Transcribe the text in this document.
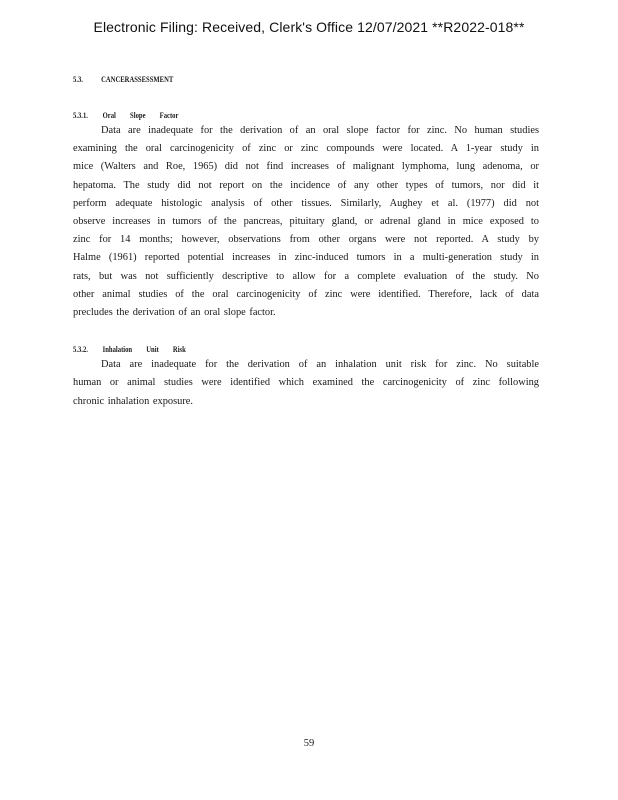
Electronic Filing: Received, Clerk's Office 12/07/2021 **R2022-018**
5.3.	CANCERASSESSMENT
5.3.1.	Oral Slope Factor
Data are inadequate for the derivation of an oral slope factor for zinc. No human studies
examining the oral carcinogenicity of zinc or zinc compounds were located. A 1-year study in
mice (Walters and Roe, 1965) did not find increases of malignant lymphoma, lung adenoma, or
hepatoma. The study did not report on the incidence of any other types of tumors, nor did it
perform adequate histologic analysis of other tissues. Similarly, Aughey et al. (1977) did not
observe increases in tumors of the pancreas, pituitary gland, or adrenal gland in mice exposed to
zinc for 14 months; however, observations from other organs were not reported. A study by
Halme (1961) reported potential increases in zinc-induced tumors in a multi-generation study in
rats, but was not sufficiently descriptive to allow for a complete evaluation of the study. No
other animal studies of the oral carcinogenicity of zinc were identified. Therefore, lack of data
precludes the derivation of an oral slope factor.
5.3.2.	Inhalation Unit Risk
Data are inadequate for the derivation of an inhalation unit risk for zinc. No suitable
human or animal studies were identified which examined the carcinogenicity of zinc following
chronic inhalation exposure.
59
